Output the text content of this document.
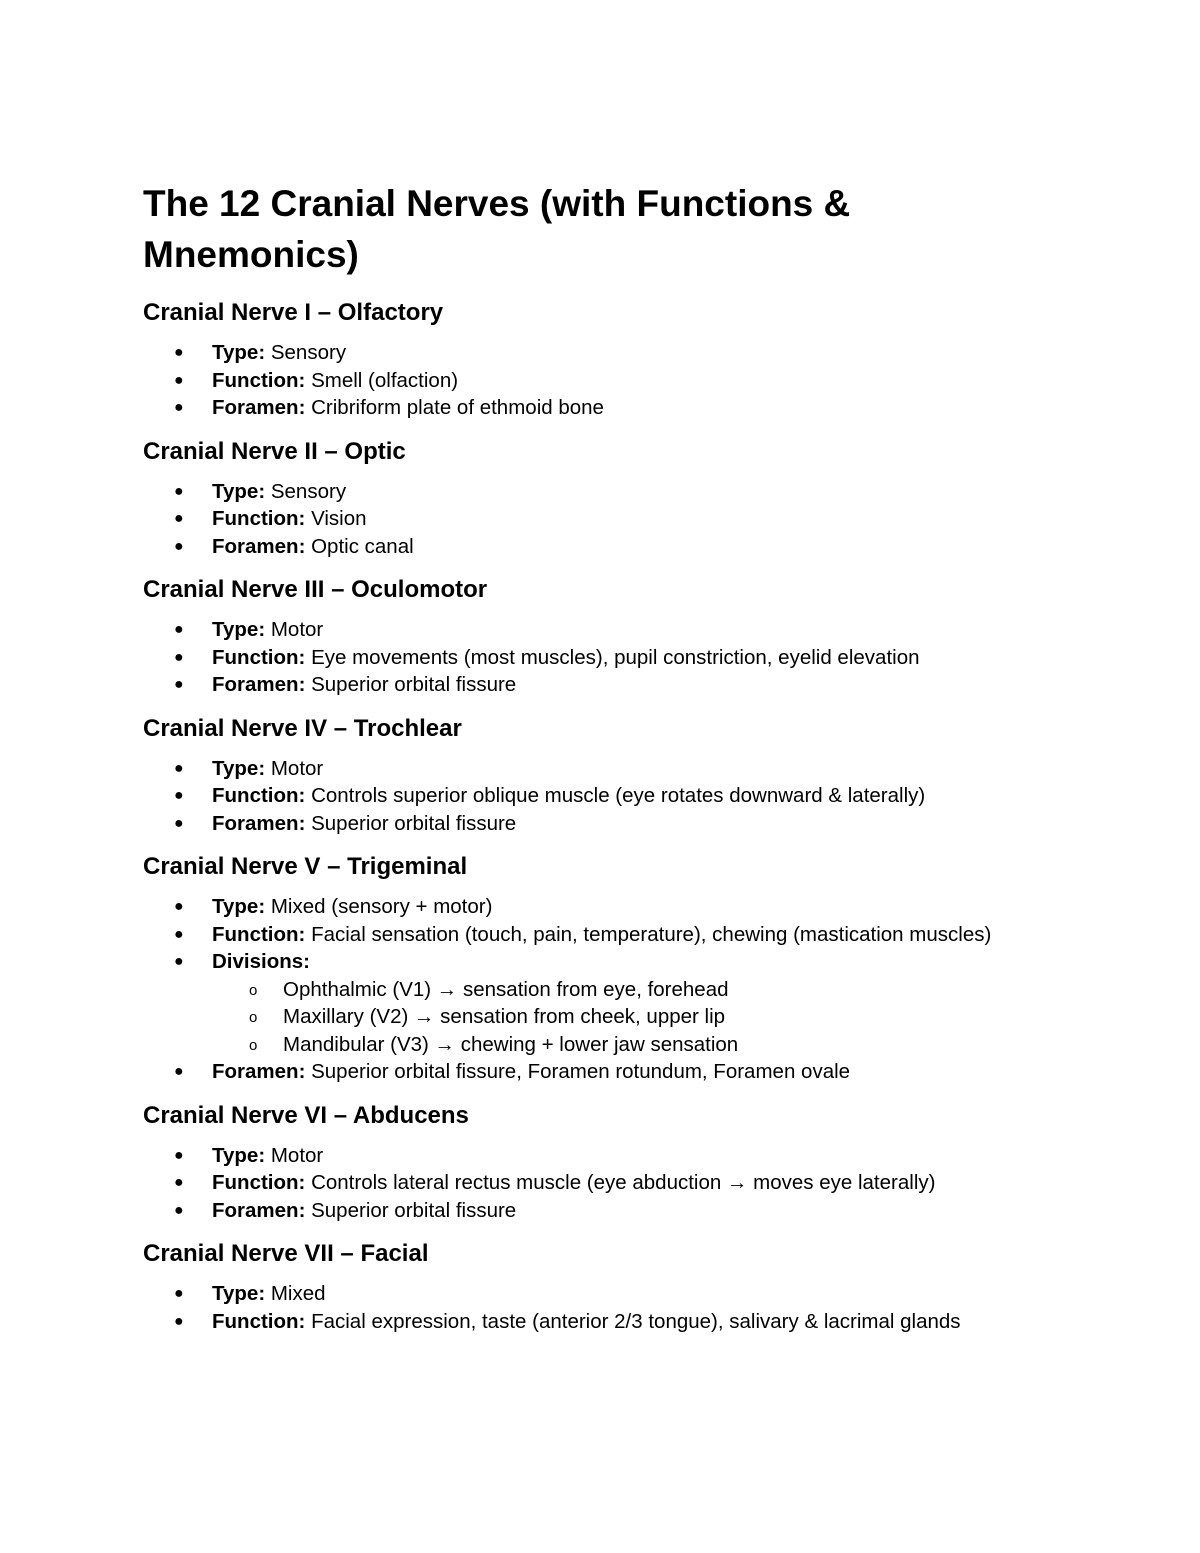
The 12 Cranial Nerves (with Functions & Mnemonics)
Cranial Nerve I – Olfactory
● Type: Sensory
● Function: Smell (olfaction)
● Foramen: Cribriform plate of ethmoid bone
Cranial Nerve II – Optic
● Type: Sensory
● Function: Vision
● Foramen: Optic canal
Cranial Nerve III – Oculomotor
● Type: Motor
● Function: Eye movements (most muscles), pupil constriction, eyelid elevation
● Foramen: Superior orbital fissure
Cranial Nerve IV – Trochlear
● Type: Motor
● Function: Controls superior oblique muscle (eye rotates downward & laterally)
● Foramen: Superior orbital fissure
Cranial Nerve V – Trigeminal
● Type: Mixed (sensory + motor)
● Function: Facial sensation (touch, pain, temperature), chewing (mastication muscles)
● Divisions:
o Ophthalmic (V1) → sensation from eye, forehead
o Maxillary (V2) → sensation from cheek, upper lip
o Mandibular (V3) → chewing + lower jaw sensation
● Foramen: Superior orbital fissure, Foramen rotundum, Foramen ovale
Cranial Nerve VI – Abducens
● Type: Motor
● Function: Controls lateral rectus muscle (eye abduction → moves eye laterally)
● Foramen: Superior orbital fissure
Cranial Nerve VII – Facial
● Type: Mixed
● Function: Facial expression, taste (anterior 2/3 tongue), salivary & lacrimal glands
